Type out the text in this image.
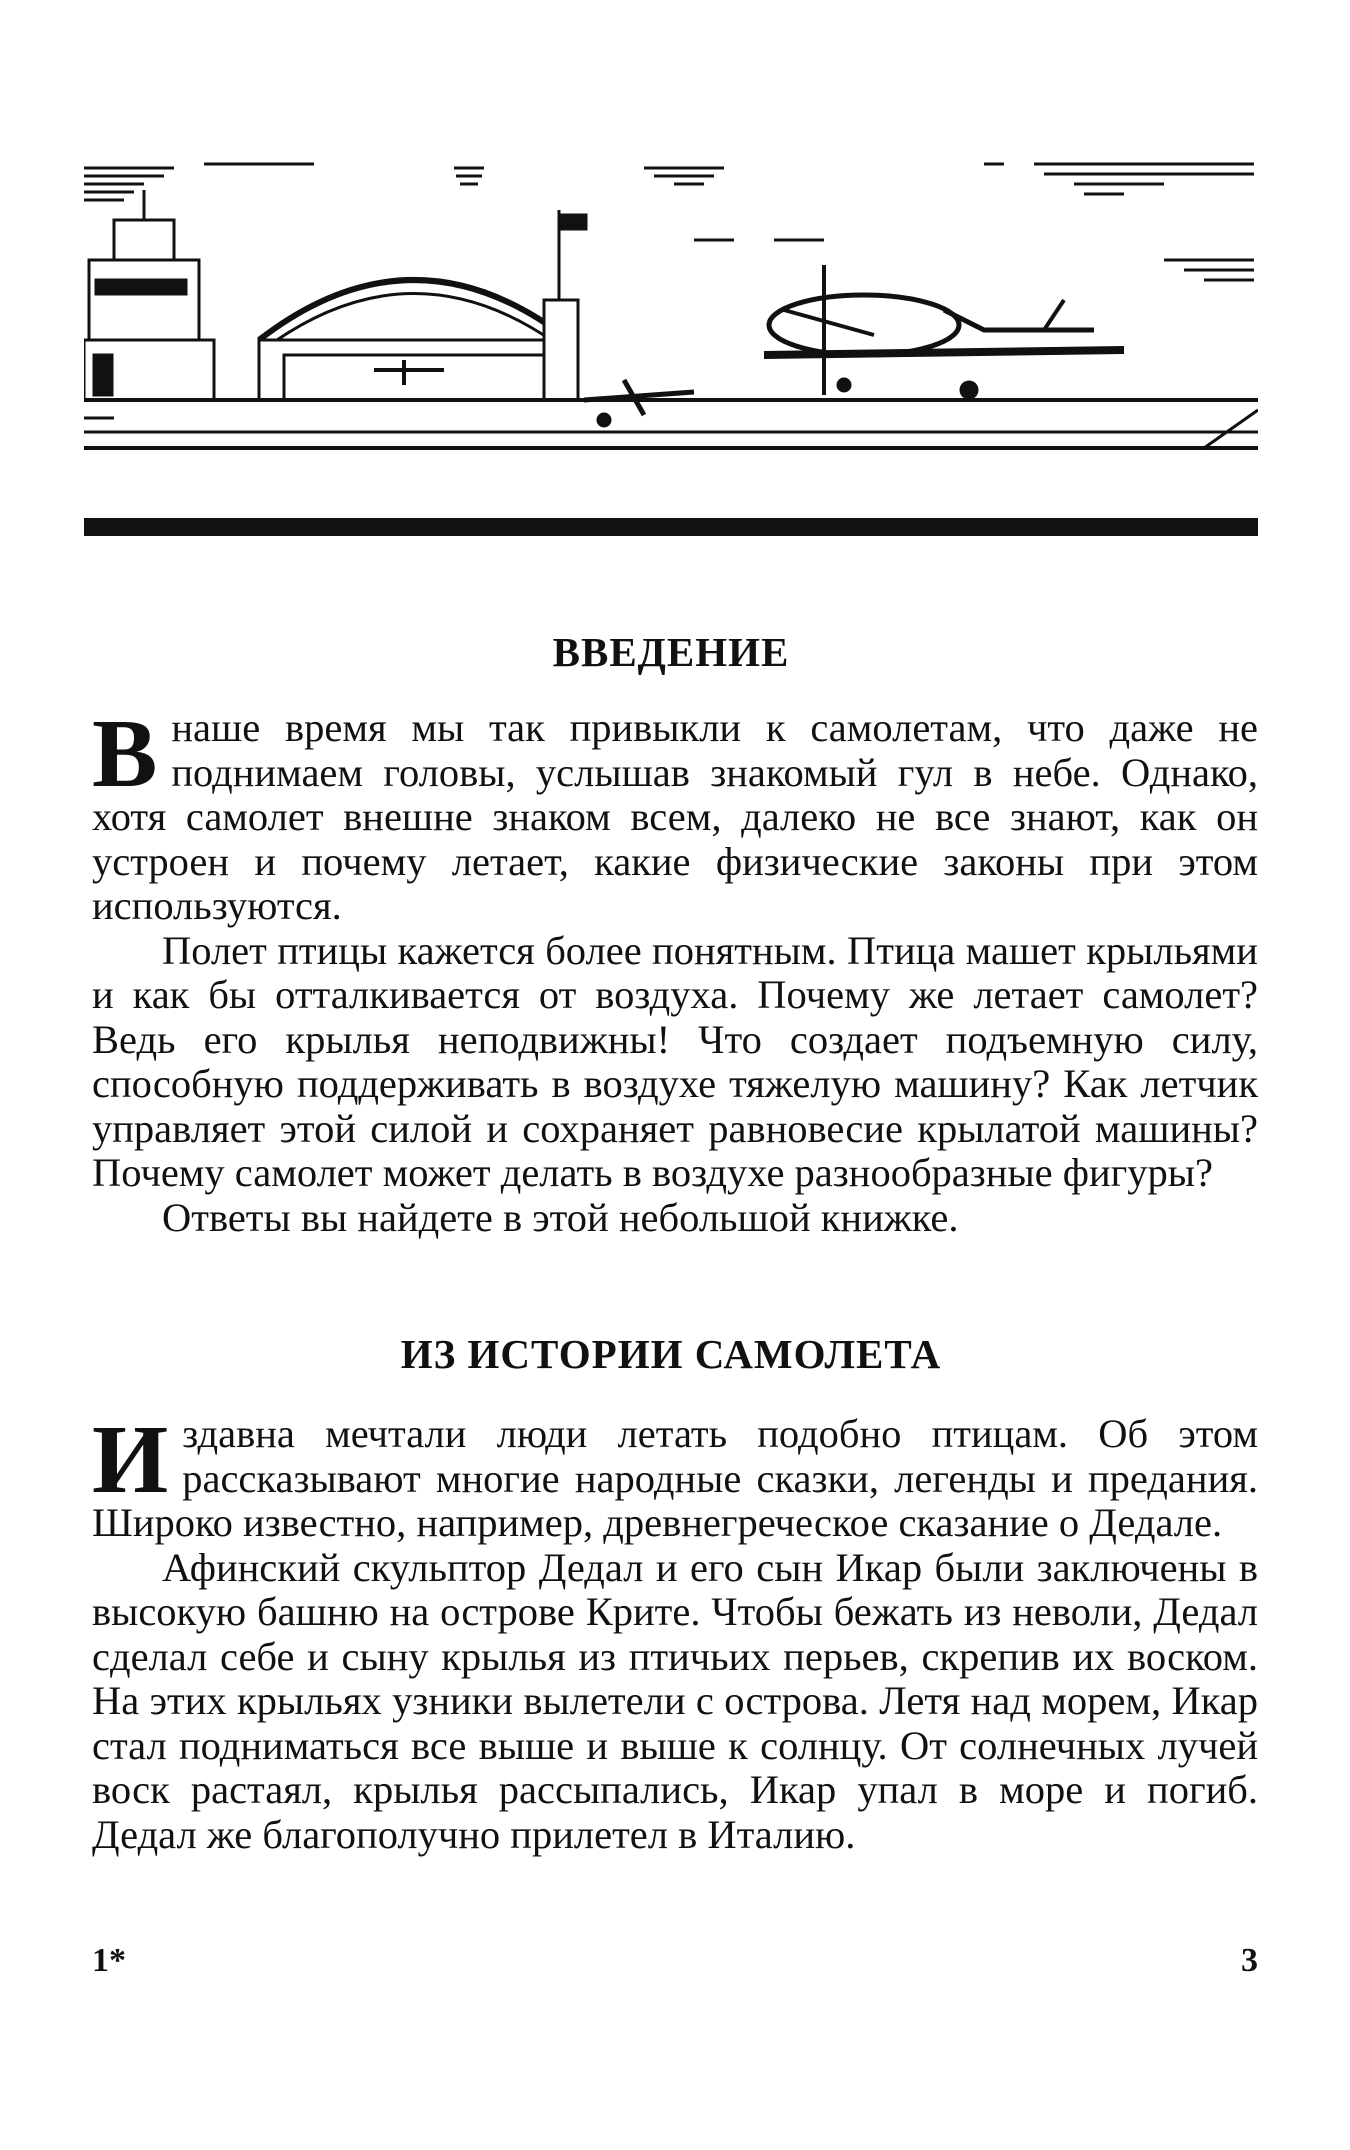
ВВЕДЕНИЕ

В наше время мы так привыкли к самолетам, что даже не поднимаем головы, услышав знакомый гул в небе. Однако, хотя самолет внешне знаком всем, далеко не все знают, как он устроен и почему летает, какие физические законы при этом используются.

Полет птицы кажется более понятным. Птица машет крыльями и как бы отталкивается от воздуха. Почему же летает самолет? Ведь его крылья неподвижны! Что создает подъемную силу, способную поддерживать в воздухе тяжелую машину? Как летчик управляет этой силой и сохраняет равновесие крылатой машины? Почему самолет может делать в воздухе разнообразные фигуры?

Ответы вы найдете в этой небольшой книжке.

ИЗ ИСТОРИИ САМОЛЕТА

Издавна мечтали люди летать подобно птицам. Об этом рассказывают многие народные сказки, легенды и предания. Широко известно, например, древнегреческое сказание о Дедале.

Афинский скульптор Дедал и его сын Икар были заключены в высокую башню на острове Крите. Чтобы бежать из неволи, Дедал сделал себе и сыну крылья из птичьих перьев, скрепив их воском. На этих крыльях узники вылетели с острова. Летя над морем, Икар стал подниматься все выше и выше к солнцу. От солнечных лучей воск растаял, крылья рассыпались, Икар упал в море и погиб. Дедал же благополучно прилетел в Италию.

1*	3
